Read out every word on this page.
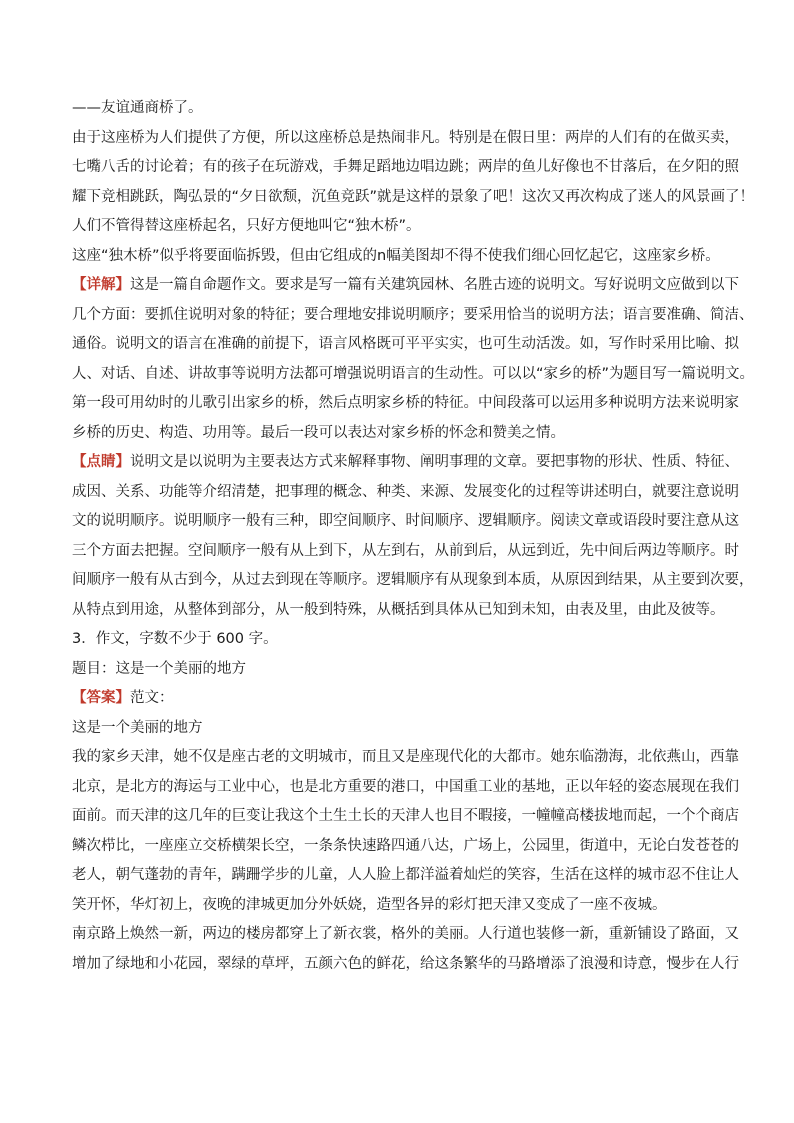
——友谊通商桥了。
由于这座桥为人们提供了方便，所以这座桥总是热闹非凡。特别是在假日里：两岸的人们有的在做买卖，
七嘴八舌的讨论着；有的孩子在玩游戏，手舞足蹈地边唱边跳；两岸的鱼儿好像也不甘落后，在夕阳的照
耀下竞相跳跃，陶弘景的“夕日欲颓，沉鱼竞跃”就是这样的景象了吧！这次又再次构成了迷人的风景画了！
人们不管得替这座桥起名，只好方便地叫它“独木桥”。
这座“独木桥”似乎将要面临拆毁，但由它组成的n幅美图却不得不使我们细心回忆起它，这座家乡桥。
【详解】这是一篇自命题作文。要求是写一篇有关建筑园林、名胜古迹的说明文。写好说明文应做到以下
几个方面：要抓住说明对象的特征；要合理地安排说明顺序；要采用恰当的说明方法；语言要准确、简洁、
通俗。说明文的语言在准确的前提下，语言风格既可平平实实，也可生动活泼。如，写作时采用比喻、拟
人、对话、自述、讲故事等说明方法都可增强说明语言的生动性。可以以“家乡的桥”为题目写一篇说明文。
第一段可用幼时的儿歌引出家乡的桥，然后点明家乡桥的特征。中间段落可以运用多种说明方法来说明家
乡桥的历史、构造、功用等。最后一段可以表达对家乡桥的怀念和赞美之情。
【点睛】说明文是以说明为主要表达方式来解释事物、阐明事理的文章。要把事物的形状、性质、特征、
成因、关系、功能等介绍清楚，把事理的概念、种类、来源、发展变化的过程等讲述明白，就要注意说明
文的说明顺序。说明顺序一般有三种，即空间顺序、时间顺序、逻辑顺序。阅读文章或语段时要注意从这
三个方面去把握。空间顺序一般有从上到下，从左到右，从前到后，从远到近，先中间后两边等顺序。时
间顺序一般有从古到今，从过去到现在等顺序。逻辑顺序有从现象到本质，从原因到结果，从主要到次要，
从特点到用途，从整体到部分，从一般到特殊，从概括到具体从已知到未知，由表及里，由此及彼等。
3．作文，字数不少于 600 字。
题目：这是一个美丽的地方
【答案】范文：
这是一个美丽的地方
我的家乡天津，她不仅是座古老的文明城市，而且又是座现代化的大都市。她东临渤海，北依燕山，西靠
北京，是北方的海运与工业中心，也是北方重要的港口，中国重工业的基地，正以年轻的姿态展现在我们
面前。而天津的这几年的巨变让我这个土生土长的天津人也目不暇接，一幢幢高楼拔地而起，一个个商店
鳞次栉比，一座座立交桥横架长空，一条条快速路四通八达，广场上，公园里，街道中，无论白发苍苍的
老人，朝气蓬勃的青年，蹒跚学步的儿童，人人脸上都洋溢着灿烂的笑容，生活在这样的城市忍不住让人
笑开怀，华灯初上，夜晚的津城更加分外妖娆，造型各异的彩灯把天津又变成了一座不夜城。
南京路上焕然一新，两边的楼房都穿上了新衣裳，格外的美丽。人行道也装修一新，重新铺设了路面，又
增加了绿地和小花园，翠绿的草坪，五颜六色的鲜花，给这条繁华的马路增添了浪漫和诗意，慢步在人行
